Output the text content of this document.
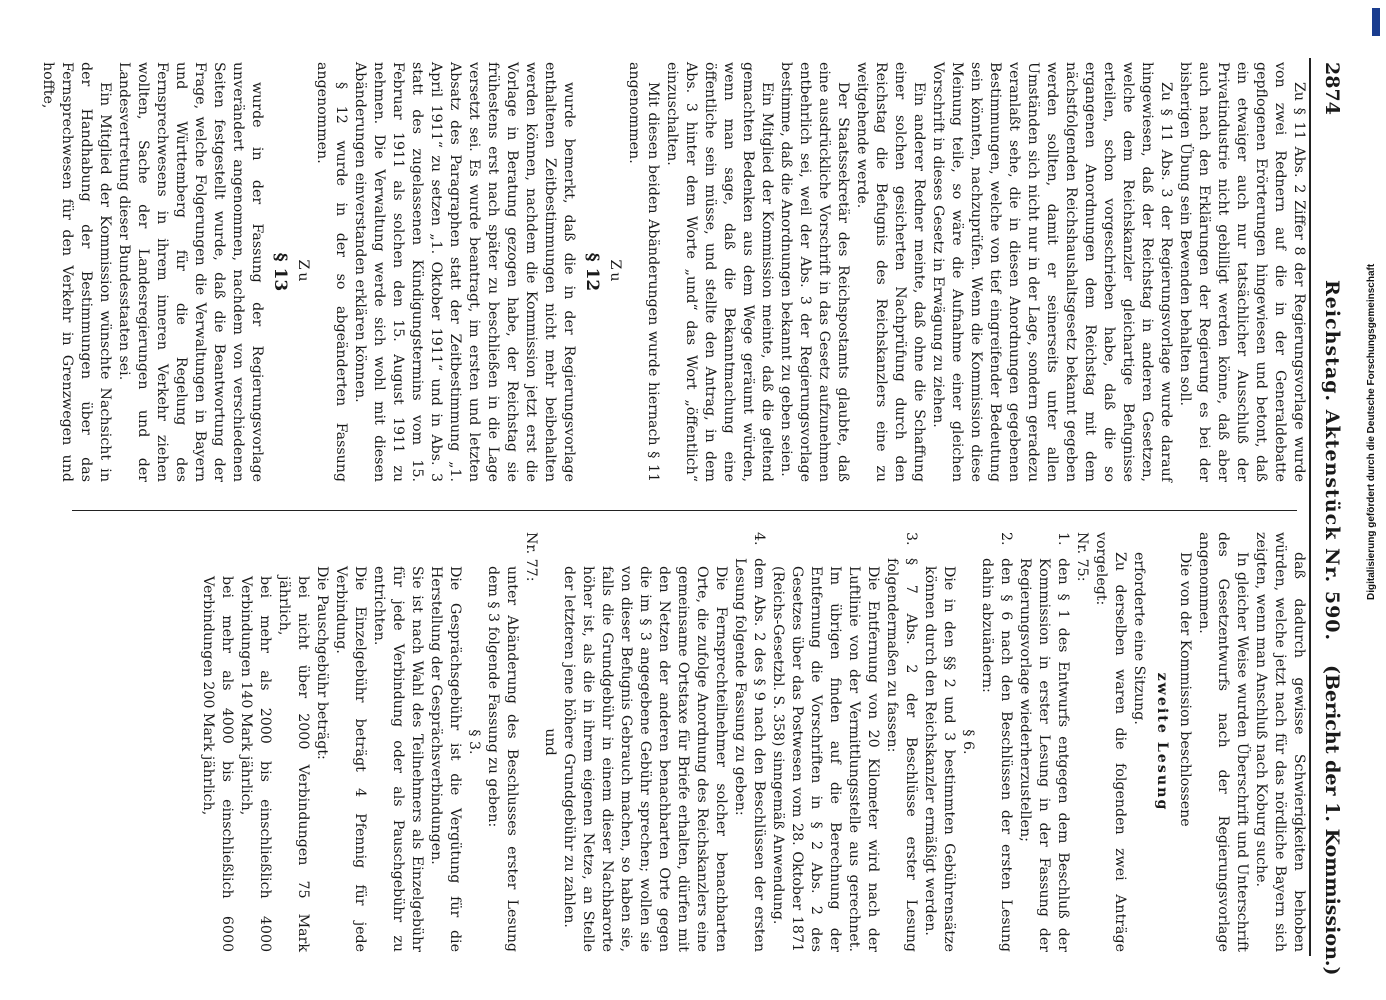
Digitalisierung gefördert durch die Deutsche Forschungsgemeinschaft
2874
Reichstag. Aktenstück Nr. 590.
(Bericht der 1. Kommission.)

Zu § 11 Abs. 2 Ziffer 8 der Regierungsvorlage wurde von zwei Rednern auf die in der Generaldebatte gepflogenen Erörterungen hingewiesen und betont, daß ein etwaiger auch nur tatsächlicher Ausschluß der Privatindustrie nicht gebilligt werden könne, daß aber auch nach den Erklärungen der Regierung es bei der bisherigen Übung sein Bewenden behalten soll.

Zu § 11 Abs. 3 der Regierungsvorlage wurde darauf hingewiesen, daß der Reichstag in anderen Gesetzen, welche dem Reichskanzler gleichartige Befugnisse erteilen, schon vorgeschrieben habe, daß die so ergangenen Anordnungen dem Reichstag mit dem nächstfolgenden Reichshaushaltsgesetz bekannt gegeben werden sollten, damit er seinerseits unter allen Umständen sich nicht nur in der Lage, sondern geradezu veranlaßt sehe, die in diesen Anordnungen gegebenen Bestimmungen, welche von tief eingreifender Bedeutung sein könnten, nachzuprüfen. Wenn die Kommission diese Meinung teile, so wäre die Aufnahme einer gleichen Vorschrift in dieses Gesetz in Erwägung zu ziehen.

Ein anderer Redner meinte, daß ohne die Schaffung einer solchen gesicherten Nachprüfung durch den Reichstag die Befugnis des Reichskanzlers eine zu weitgehende werde.

Der Staatssekretär des Reichspostamts glaubte, daß eine ausdrückliche Vorschrift in das Gesetz aufzunehmen entbehrlich sei, weil der Abs. 3 der Regierungsvorlage bestimme, daß die Anordnungen bekannt zu geben seien.

Ein Mitglied der Kommission meinte, daß die geltend gemachten Bedenken aus dem Wege geräumt würden, wenn man sage, daß die Bekanntmachung eine öffentliche sein müsse, und stellte den Antrag, in dem Abs. 3 hinter dem Worte „und“ das Wort „öffentlich“ einzuschalten.

Mit diesen beiden Abänderungen wurde hiernach § 11 angenommen.

Zu

§ 12

wurde bemerkt, daß die in der Regierungsvorlage enthaltenen Zeitbestimmungen nicht mehr beibehalten werden können, nachdem die Kommission jetzt erst die Vorlage in Beratung gezogen habe, der Reichstag sie frühestens erst nach später zu beschließen in die Lage versetzt sei. Es wurde beantragt, im ersten und letzten Absatz des Paragraphen statt der Zeitbestimmung „1. April 1911“ zu setzen „1. Oktober 1911“ und in Abs. 3 statt des zugelassenen Kündigungstermins vom 15. Februar 1911 als solchen den 15. August 1911 zu nehmen. Die Verwaltung werde sich wohl mit diesen Abänderungen einverstanden erklären können.

§ 12 wurde in der so abgeänderten Fassung angenommen.

Zu

§ 13

wurde in der Fassung der Regierungsvorlage unverändert angenommen, nachdem von verschiedenen Seiten festgestellt wurde, daß die Beantwortung der Frage, welche Folgerungen die Verwaltungen in Bayern und Württemberg für die Regelung des Fernsprechwesens in ihrem inneren Verkehr ziehen wollten, Sache der Landesregierungen und der Landesvertretung dieser Bundesstaaten sei.

Ein Mitglied der Kommission wünschte Nachsicht in der Handhabung der Bestimmungen über das Fernsprechwesen für den Verkehr in Grenzwegen und hoffte,

daß dadurch gewisse Schwierigkeiten behoben würden, welche jetzt nach für das nördliche Bayern sich zeigten, wenn man Anschluß nach Koburg suche.

In gleicher Weise wurden Überschrift und Unterschrift des Gesetzentwurfs nach der Regierungsvorlage angenommen.

Die von der Kommission beschlossene

zweite Lesung

erforderte eine Sitzung.

Zu derselben waren die folgenden zwei Anträge vorgelegt:

Nr. 75:

1.
den § 1 des Entwurfs entgegen dem Beschluß der Kommission in erster Lesung in der Fassung der Regierungsvorlage wiederherzustellen;

2.
den § 6 nach den Beschlüssen der ersten Lesung dahin abzuändern:

§ 6.

Die in den §§ 2 und 3 bestimmten Gebührensätze können durch den Reichskanzler ermäßigt werden.

3.
§ 7 Abs. 2 der Beschlüsse erster Lesung folgendermaßen zu fassen:

Die Entfernung von 20 Kilometer wird nach der Luftlinie von der Vermittlungsstelle aus gerechnet. Im übrigen finden auf die Berechnung der Entfernung die Vorschriften in § 2 Abs. 2 des Gesetzes über das Postwesen vom 28. Oktober 1871 (Reichs-Gesetzbl. S. 358) sinngemäß Anwendung.

4.
dem Abs. 2 des § 9 nach den Beschlüssen der ersten Lesung folgende Fassung zu geben:

Die Fernsprechteilnehmer solcher benachbarten Orte, die zufolge Anordnung des Reichskanzlers eine gemeinsame Ortstaxe für Briefe erhalten, dürfen mit den Netzen der anderen benachbarten Orte gegen die im § 3 angegebene Gebühr sprechen; wollen sie von dieser Befugnis Gebrauch machen, so haben sie, falls die Grundgebühr in einem dieser Nachbarorte höher ist, als die in ihrem eigenen Netze, an Stelle der letzteren jene höhere Grundgebühr zu zahlen.

und

Nr. 77:

unter Abänderung des Beschlusses erster Lesung dem § 3 folgende Fassung zu geben:

§ 3.

Die Gesprächsgebühr ist die Vergütung für die Herstellung der Gesprächsverbindungen.

Sie ist nach Wahl des Teilnehmers als Einzelgebühr für jede Verbindung oder als Pauschgebühr zu entrichten.

Die Einzelgebühr beträgt 4 Pfennig für jede Verbindung.

Die Pauschgebühr beträgt:

bei nicht über 2000 Verbindungen 75 Mark jährlich,

bei mehr als 2000 bis einschließlich 4000 Verbindungen 140 Mark jährlich,

bei mehr als 4000 bis einschließlich 6000 Verbindungen 200 Mark jährlich,
